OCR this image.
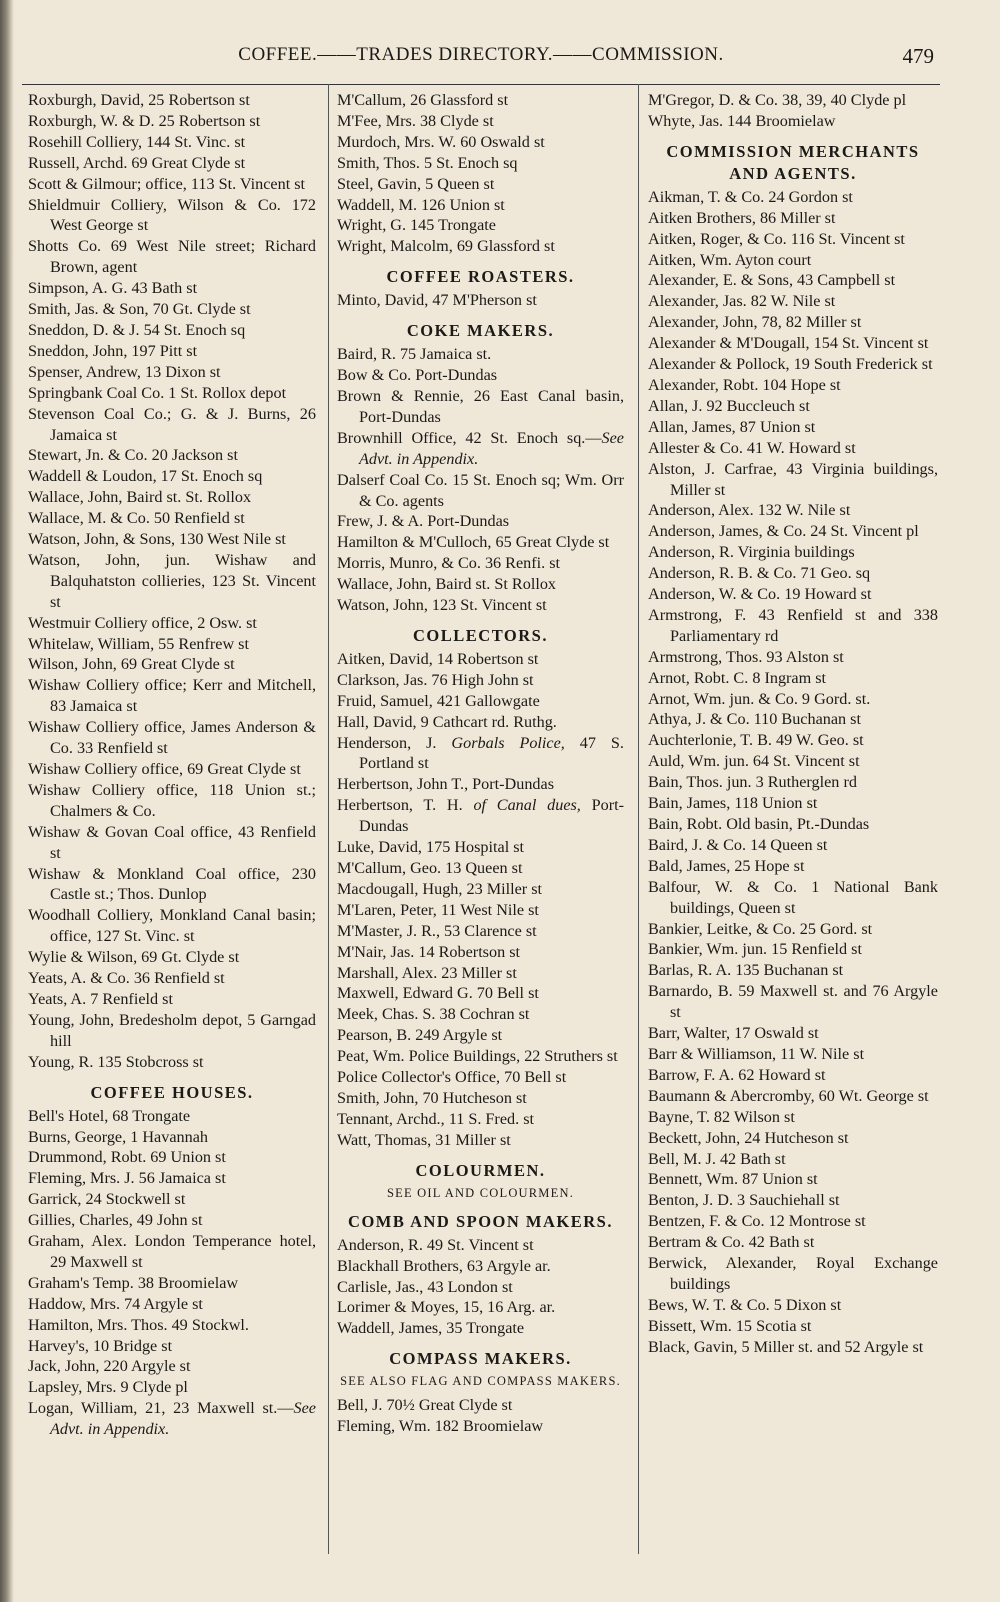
COFFEE.——TRADES DIRECTORY.——COMMISSION.	479
Roxburgh, David, 25 Robertson st
Roxburgh, W. & D. 25 Robertson st
Rosehill Colliery, 144 St. Vinc. st
Russell, Archd. 69 Great Clyde st
Scott & Gilmour; office, 113 St. Vincent st
Shieldmuir Colliery, Wilson & Co. 172 West George st
Shotts Co. 69 West Nile street; Richard Brown, agent
Simpson, A. G. 43 Bath st
Smith, Jas. & Son, 70 Gt. Clyde st
Sneddon, D. & J. 54 St. Enoch sq
Sneddon, John, 197 Pitt st
Spenser, Andrew, 13 Dixon st
Springbank Coal Co. 1 St. Rollox depot
Stevenson Coal Co.; G. & J. Burns, 26 Jamaica st
Stewart, Jn. & Co. 20 Jackson st
Waddell & Loudon, 17 St. Enoch sq
Wallace, John, Baird st. St. Rollox
Wallace, M. & Co. 50 Renfield st
Watson, John, & Sons, 130 West Nile st
Watson, John, jun. Wishaw and Balquhatston collieries, 123 St. Vincent st
Westmuir Colliery office, 2 Osw. st
Whitelaw, William, 55 Renfrew st
Wilson, John, 69 Great Clyde st
Wishaw Colliery office; Kerr and Mitchell, 83 Jamaica st
Wishaw Colliery office, James Anderson & Co. 33 Renfield st
Wishaw Colliery office, 69 Great Clyde st
Wishaw Colliery office, 118 Union st.; Chalmers & Co.
Wishaw & Govan Coal office, 43 Renfield st
Wishaw & Monkland Coal office, 230 Castle st.; Thos. Dunlop
Woodhall Colliery, Monkland Canal basin; office, 127 St. Vinc. st
Wylie & Wilson, 69 Gt. Clyde st
Yeats, A. & Co. 36 Renfield st
Yeats, A. 7 Renfield st
Young, John, Bredesholm depot, 5 Garngad hill
Young, R. 135 Stobcross st
COFFEE HOUSES.
Bell's Hotel, 68 Trongate
Burns, George, 1 Havannah
Drummond, Robt. 69 Union st
Fleming, Mrs. J. 56 Jamaica st
Garrick, 24 Stockwell st
Gillies, Charles, 49 John st
Graham, Alex. London Temperance hotel, 29 Maxwell st
Graham's Temp. 38 Broomielaw
Haddow, Mrs. 74 Argyle st
Hamilton, Mrs. Thos. 49 Stockwl.
Harvey's, 10 Bridge st
Jack, John, 220 Argyle st
Lapsley, Mrs. 9 Clyde pl
Logan, William, 21, 23 Maxwell st.—See Advt. in Appendix.
M'Callum, 26 Glassford st
M'Fee, Mrs. 38 Clyde st
Murdoch, Mrs. W. 60 Oswald st
Smith, Thos. 5 St. Enoch sq
Steel, Gavin, 5 Queen st
Waddell, M. 126 Union st
Wright, G. 145 Trongate
Wright, Malcolm, 69 Glassford st
COFFEE ROASTERS.
Minto, David, 47 M'Pherson st
COKE MAKERS.
Baird, R. 75 Jamaica st.
Bow & Co. Port-Dundas
Brown & Rennie, 26 East Canal basin, Port-Dundas
Brownhill Office, 42 St. Enoch sq.—See Advt. in Appendix.
Dalserf Coal Co. 15 St. Enoch sq; Wm. Orr & Co. agents
Frew, J. & A. Port-Dundas
Hamilton & M'Culloch, 65 Great Clyde st
Morris, Munro, & Co. 36 Renfi. st
Wallace, John, Baird st. St Rollox
Watson, John, 123 St. Vincent st
COLLECTORS.
Aitken, David, 14 Robertson st
Clarkson, Jas. 76 High John st
Fruid, Samuel, 421 Gallowgate
Hall, David, 9 Cathcart rd. Ruthg.
Henderson, J. Gorbals Police, 47 S. Portland st
Herbertson, John T., Port-Dundas
Herbertson, T. H. of Canal dues, Port-Dundas
Luke, David, 175 Hospital st
M'Callum, Geo. 13 Queen st
Macdougall, Hugh, 23 Miller st
M'Laren, Peter, 11 West Nile st
M'Master, J. R., 53 Clarence st
M'Nair, Jas. 14 Robertson st
Marshall, Alex. 23 Miller st
Maxwell, Edward G. 70 Bell st
Meek, Chas. S. 38 Cochran st
Pearson, B. 249 Argyle st
Peat, Wm. Police Buildings, 22 Struthers st
Police Collector's Office, 70 Bell st
Smith, John, 70 Hutcheson st
Tennant, Archd., 11 S. Fred. st
Watt, Thomas, 31 Miller st
COLOURMEN.
SEE OIL AND COLOURMEN.
COMB AND SPOON MAKERS.
Anderson, R. 49 St. Vincent st
Blackhall Brothers, 63 Argyle ar.
Carlisle, Jas., 43 London st
Lorimer & Moyes, 15, 16 Arg. ar.
Waddell, James, 35 Trongate
COMPASS MAKERS.
SEE ALSO FLAG AND COMPASS MAKERS.
Bell, J. 70½ Great Clyde st
Fleming, Wm. 182 Broomielaw
M'Gregor, D. & Co. 38, 39, 40 Clyde pl
Whyte, Jas. 144 Broomielaw
COMMISSION MERCHANTS AND AGENTS.
Aikman, T. & Co. 24 Gordon st
Aitken Brothers, 86 Miller st
Aitken, Roger, & Co. 116 St. Vincent st
Aitken, Wm. Ayton court
Alexander, E. & Sons, 43 Campbell st
Alexander, Jas. 82 W. Nile st
Alexander, John, 78, 82 Miller st
Alexander & M'Dougall, 154 St. Vincent st
Alexander & Pollock, 19 South Frederick st
Alexander, Robt. 104 Hope st
Allan, J. 92 Buccleuch st
Allan, James, 87 Union st
Allester & Co. 41 W. Howard st
Alston, J. Carfrae, 43 Virginia buildings, Miller st
Anderson, Alex. 132 W. Nile st
Anderson, James, & Co. 24 St. Vincent pl
Anderson, R. Virginia buildings
Anderson, R. B. & Co. 71 Geo. sq
Anderson, W. & Co. 19 Howard st
Armstrong, F. 43 Renfield st and 338 Parliamentary rd
Armstrong, Thos. 93 Alston st
Arnot, Robt. C. 8 Ingram st
Arnot, Wm. jun. & Co. 9 Gord. st.
Athya, J. & Co. 110 Buchanan st
Auchterlonie, T. B. 49 W. Geo. st
Auld, Wm. jun. 64 St. Vincent st
Bain, Thos. jun. 3 Rutherglen rd
Bain, James, 118 Union st
Bain, Robt. Old basin, Pt.-Dundas
Baird, J. & Co. 14 Queen st
Bald, James, 25 Hope st
Balfour, W. & Co. 1 National Bank buildings, Queen st
Bankier, Leitke, & Co. 25 Gord. st
Bankier, Wm. jun. 15 Renfield st
Barlas, R. A. 135 Buchanan st
Barnardo, B. 59 Maxwell st. and 76 Argyle st
Barr, Walter, 17 Oswald st
Barr & Williamson, 11 W. Nile st
Barrow, F. A. 62 Howard st
Baumann & Abercromby, 60 Wt. George st
Bayne, T. 82 Wilson st
Beckett, John, 24 Hutcheson st
Bell, M. J. 42 Bath st
Bennett, Wm. 87 Union st
Benton, J. D. 3 Sauchiehall st
Bentzen, F. & Co. 12 Montrose st
Bertram & Co. 42 Bath st
Berwick, Alexander, Royal Exchange buildings
Bews, W. T. & Co. 5 Dixon st
Bissett, Wm. 15 Scotia st
Black, Gavin, 5 Miller st. and 52 Argyle st
